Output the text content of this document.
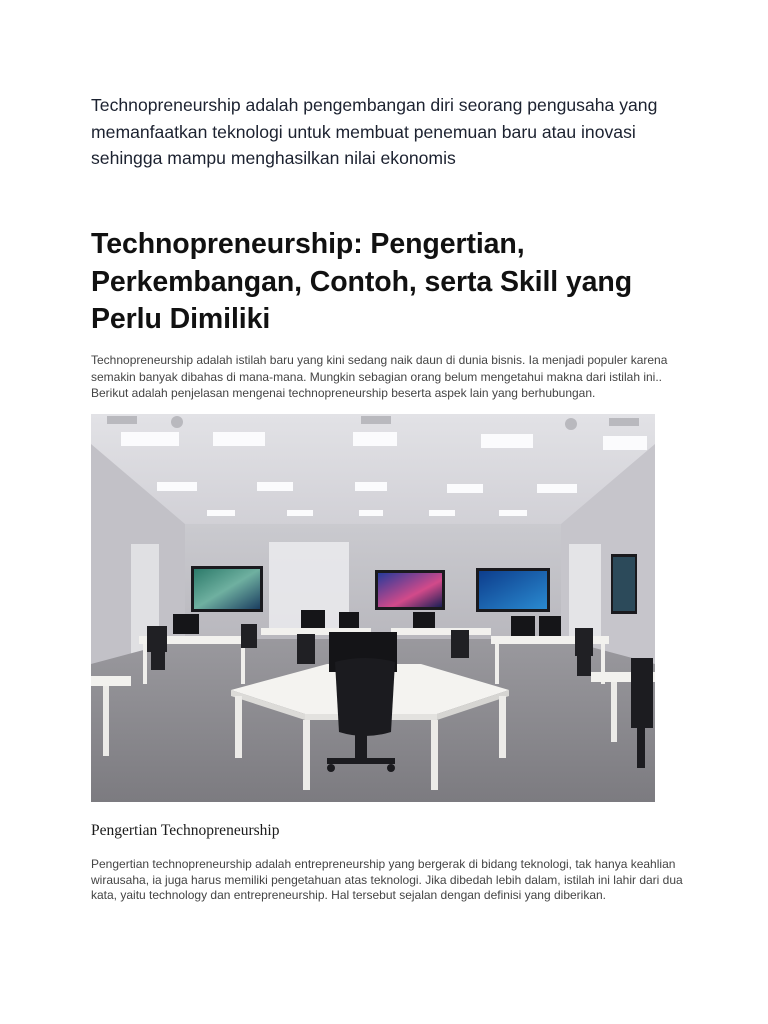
Technopreneurship adalah pengembangan diri seorang pengusaha yang memanfaatkan teknologi untuk membuat penemuan baru atau inovasi sehingga mampu menghasilkan nilai ekonomis

Technopreneurship: Pengertian, Perkembangan, Contoh, serta Skill yang Perlu Dimiliki

Technopreneurship adalah istilah baru yang kini sedang naik daun di dunia bisnis. Ia menjadi populer karena semakin banyak dibahas di mana-mana. Mungkin sebagian orang belum mengetahui makna dari istilah ini.. Berikut adalah penjelasan mengenai technopreneurship beserta aspek lain yang berhubungan.

Pengertian Technopreneurship

Pengertian technopreneurship adalah entrepreneurship yang bergerak di bidang teknologi, tak hanya keahlian wirausaha, ia juga harus memiliki pengetahuan atas teknologi. Jika dibedah lebih dalam, istilah ini lahir dari dua kata, yaitu technology dan entrepreneurship. Hal tersebut sejalan dengan definisi yang diberikan.
